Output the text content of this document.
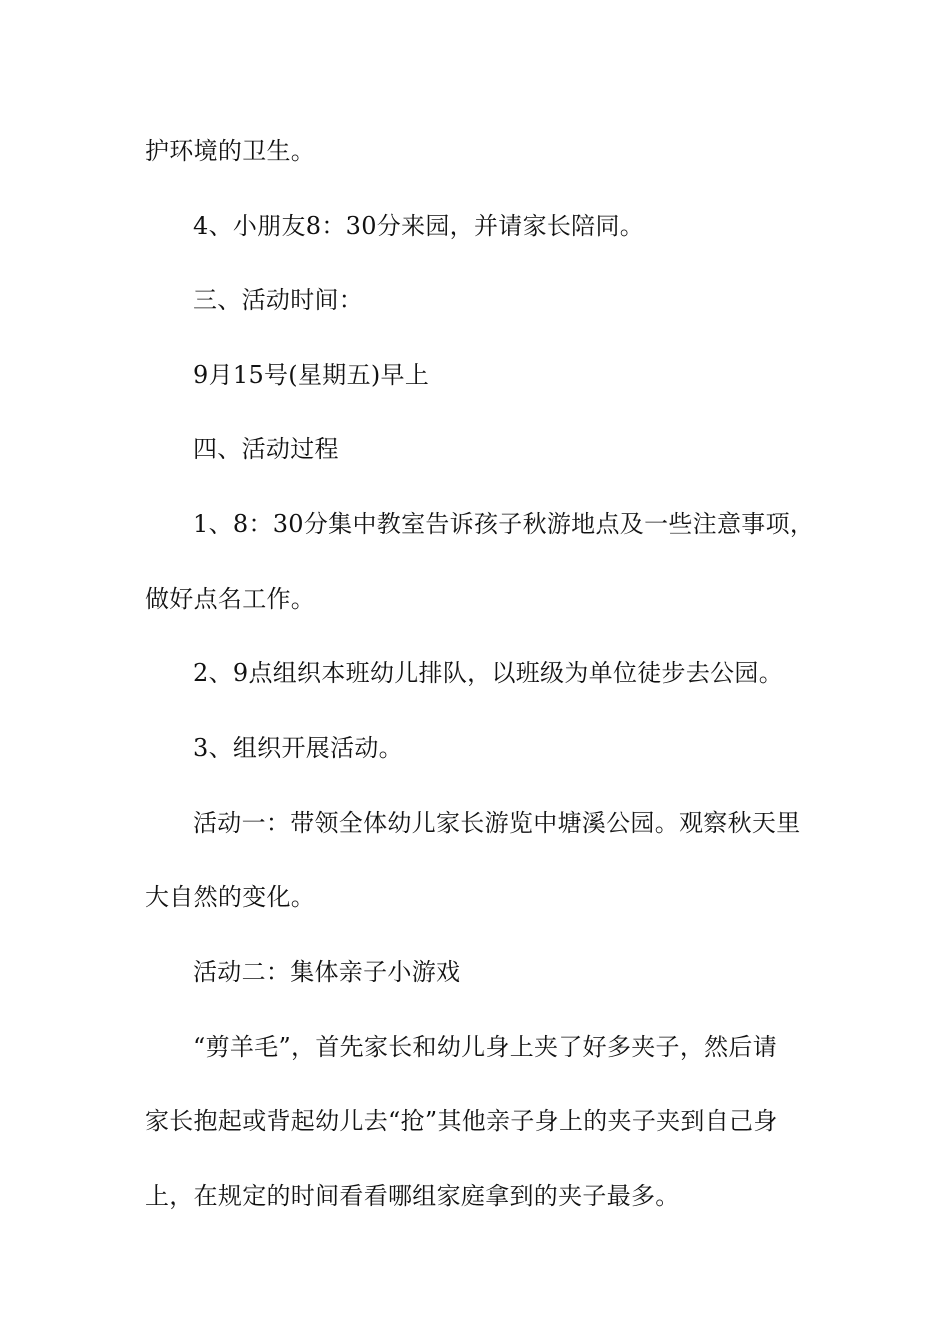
护环境的卫生。
4、小朋友8：30分来园，并请家长陪同。
三、活动时间：
9月15号(星期五)早上
四、活动过程
1、8：30分集中教室告诉孩子秋游地点及一些注意事项，
做好点名工作。
2、9点组织本班幼儿排队，以班级为单位徒步去公园。
3、组织开展活动。
活动一：带领全体幼儿家长游览中塘溪公园。观察秋天里
大自然的变化。
活动二：集体亲子小游戏
“剪羊毛”，首先家长和幼儿身上夹了好多夹子，然后请
家长抱起或背起幼儿去“抢”其他亲子身上的夹子夹到自己身
上，在规定的时间看看哪组家庭拿到的夹子最多。
